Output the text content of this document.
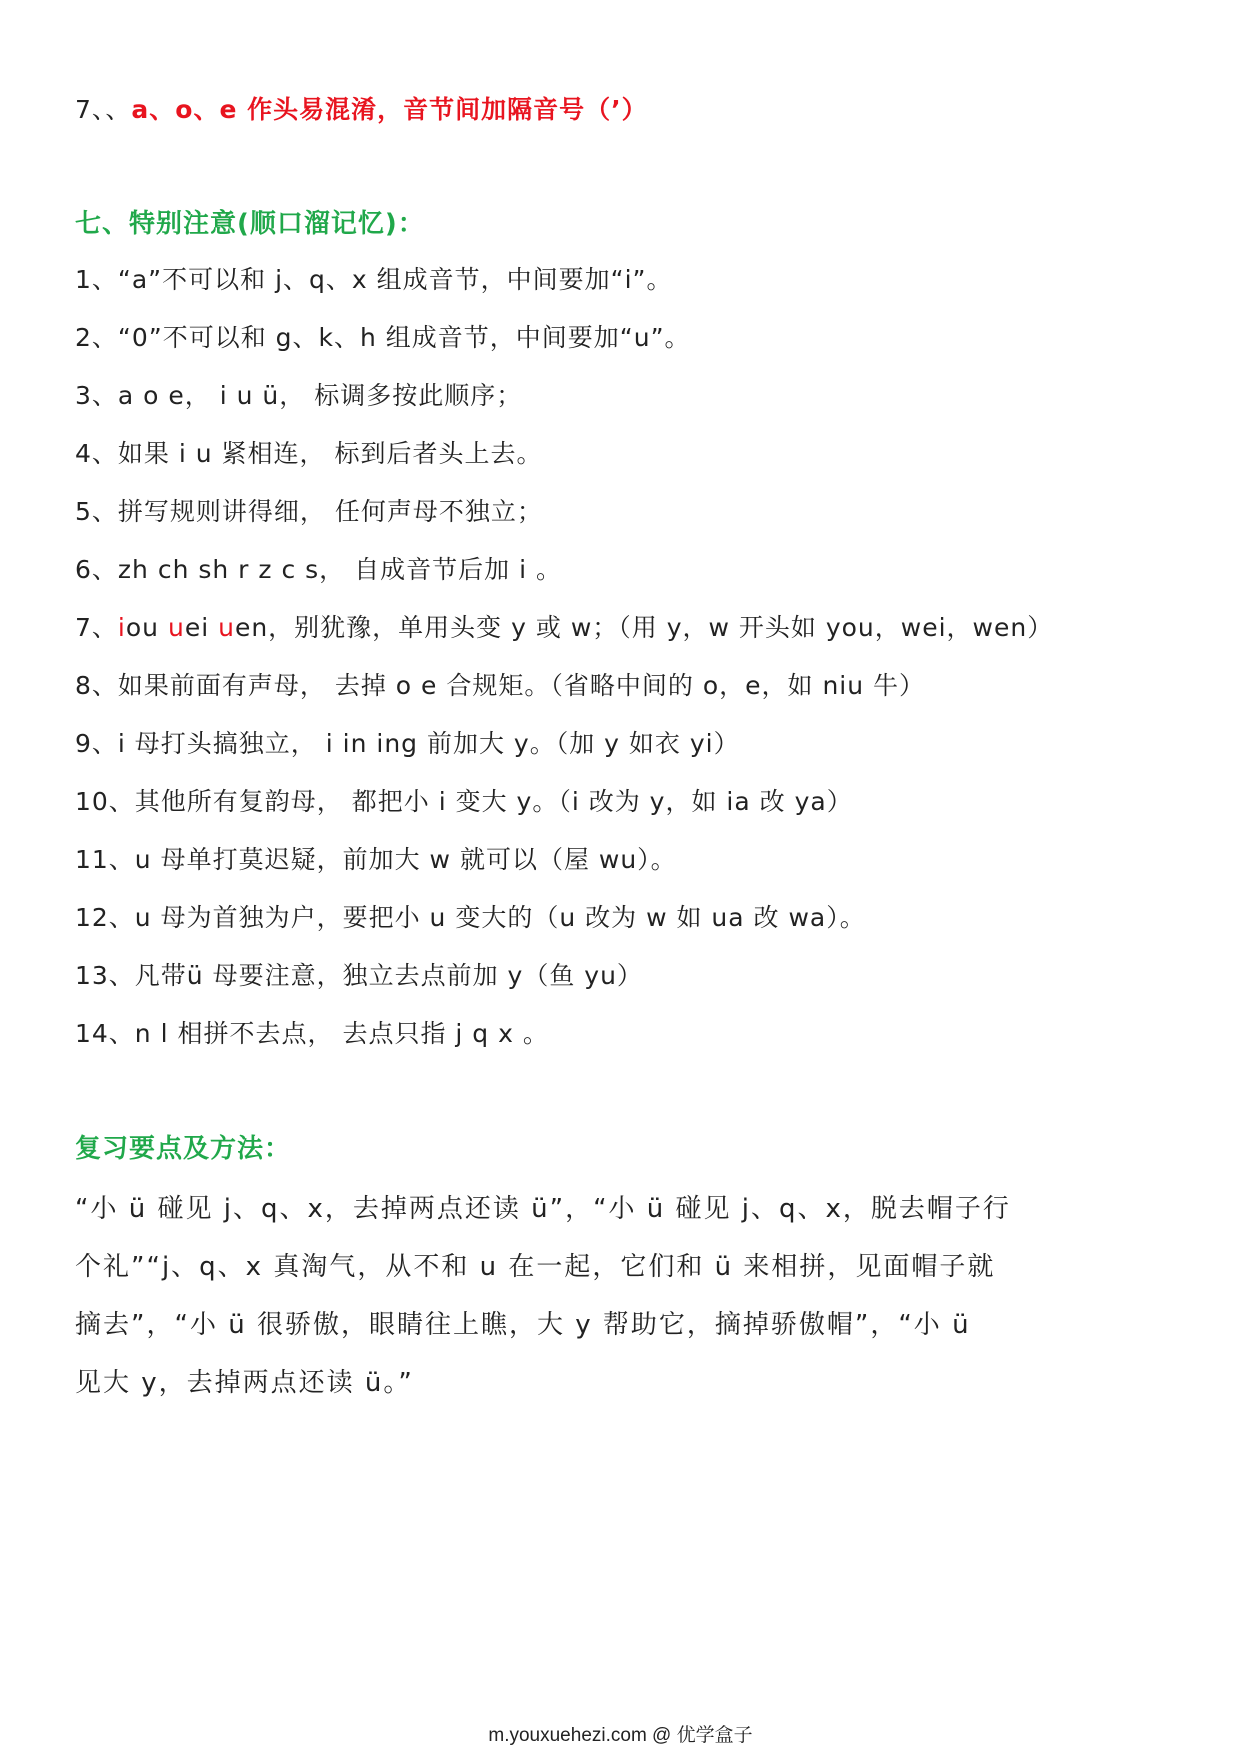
7、、a、o、e 作头易混淆，音节间加隔音号（’）
七、特别注意(顺口溜记忆)：
1、“a”不可以和 j、q、x 组成音节，中间要加“i”。
2、“0”不可以和 g、k、h 组成音节，中间要加“u”。
3、a o e， i u ü， 标调多按此顺序；
4、如果 i u 紧相连， 标到后者头上去。
5、拼写规则讲得细， 任何声母不独立；
6、zh ch sh r z c s， 自成音节后加 i 。
7、iou uei uen，别犹豫，单用头变 y 或 w；（用 y，w 开头如 you，wei，wen）
8、如果前面有声母， 去掉 o e 合规矩。（省略中间的 o，e，如 niu 牛）
9、i 母打头搞独立， i in ing 前加大 y。（加 y 如衣 yi）
10、其他所有复韵母， 都把小 i 变大 y。（i 改为 y，如 ia 改 ya）
11、u 母单打莫迟疑，前加大 w 就可以（屋 wu）。
12、u 母为首独为户，要把小 u 变大的（u 改为 w 如 ua 改 wa）。
13、凡带ü 母要注意，独立去点前加 y（鱼 yu）
14、n l 相拼不去点， 去点只指 j q x 。
复习要点及方法：
“小 ü 碰见 j、q、x，去掉两点还读 ü”，“小 ü 碰见 j、q、x，脱去帽子行
个礼”“j、q、x 真淘气，从不和 u 在一起，它们和 ü 来相拼，见面帽子就
摘去”，“小 ü 很骄傲，眼睛往上瞧，大 y 帮助它，摘掉骄傲帽”，“小 ü
见大 y，去掉两点还读 ü。”
m.youxuehezi.com @ 优学盒子
